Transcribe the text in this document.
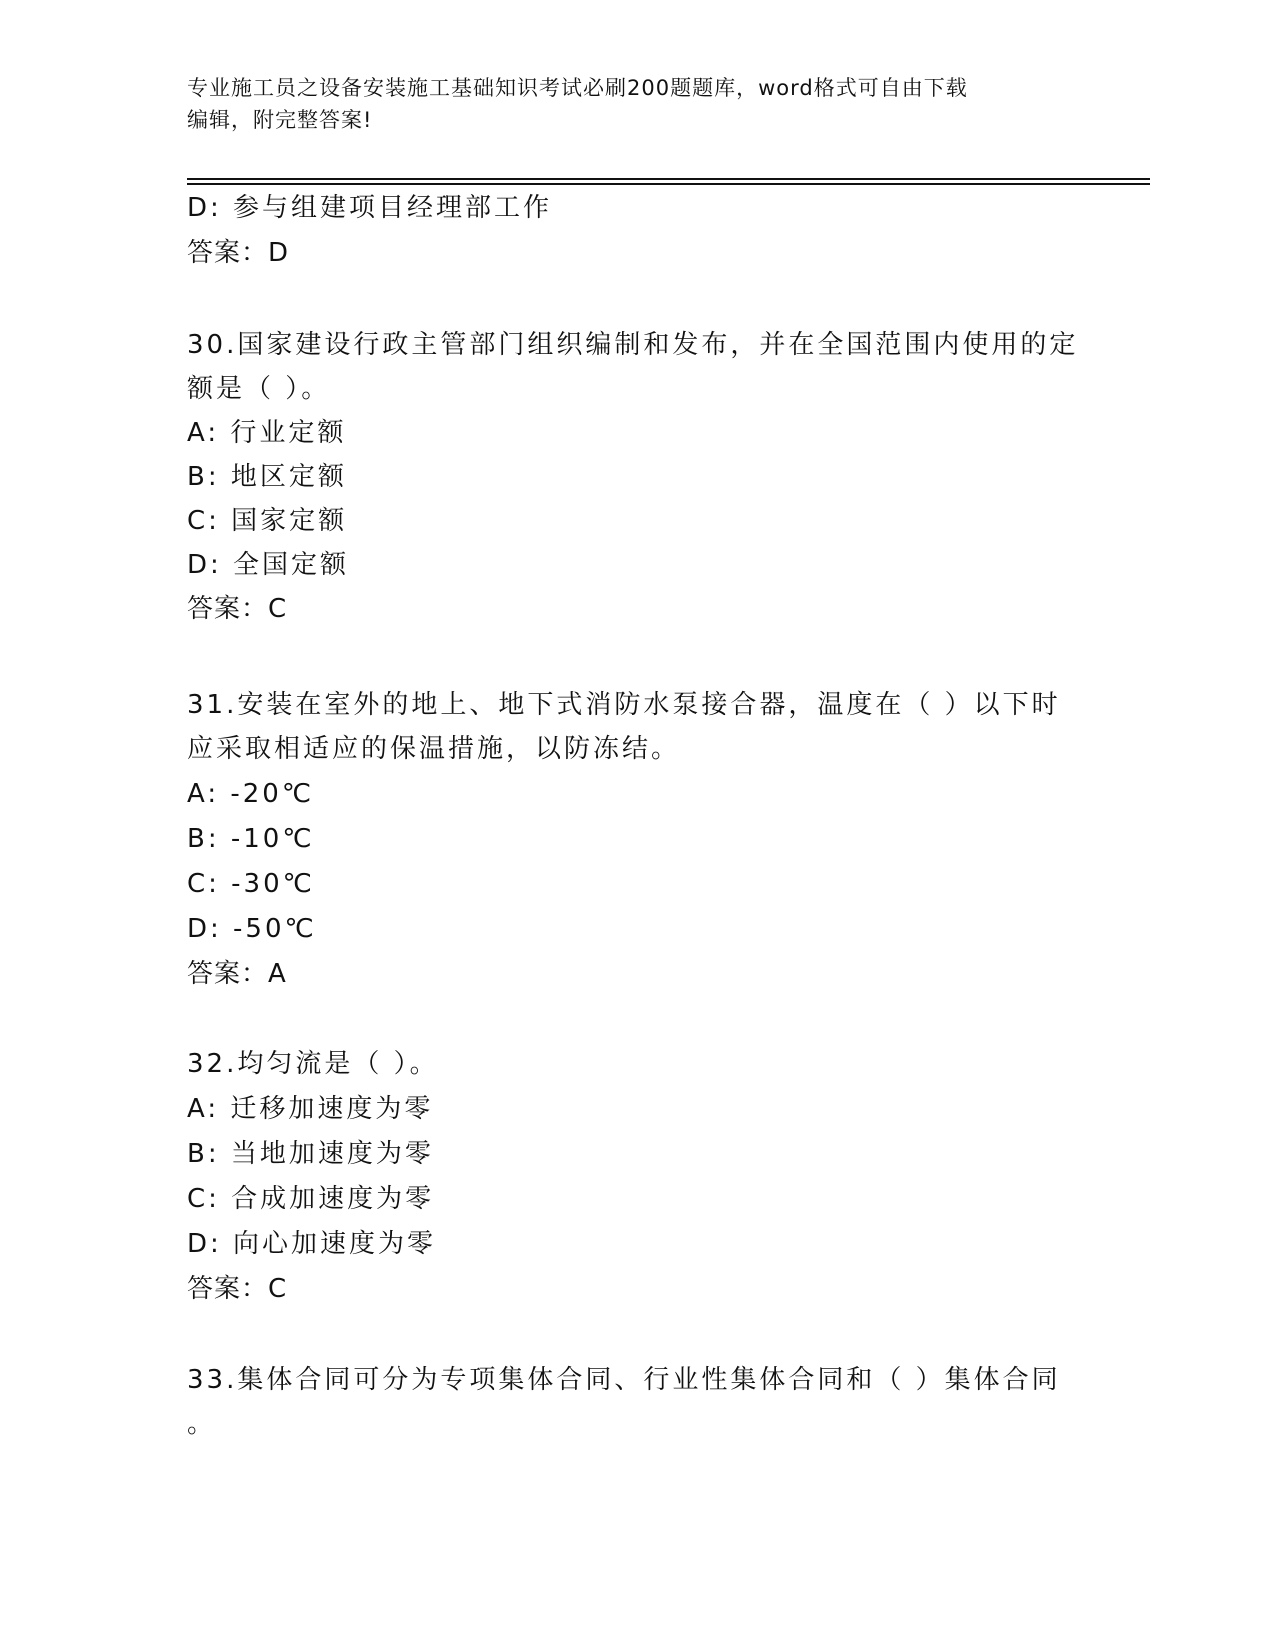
专业施工员之设备安装施工基础知识考试必刷200题题库，word格式可自由下载
编辑，附完整答案!
D: 参与组建项目经理部工作
答案：D
30.国家建设行政主管部门组织编制和发布，并在全国范围内使用的定
额是（ ）。
A: 行业定额
B: 地区定额
C: 国家定额
D: 全国定额
答案：C
31.安装在室外的地上、地下式消防水泵接合器，温度在（ ）以下时
应采取相适应的保温措施，以防冻结。
A: -20℃
B: -10℃
C: -30℃
D: -50℃
答案：A
32.均匀流是（ ）。
A: 迁移加速度为零
B: 当地加速度为零
C: 合成加速度为零
D: 向心加速度为零
答案：C
33.集体合同可分为专项集体合同、行业性集体合同和（ ）集体合同
。
